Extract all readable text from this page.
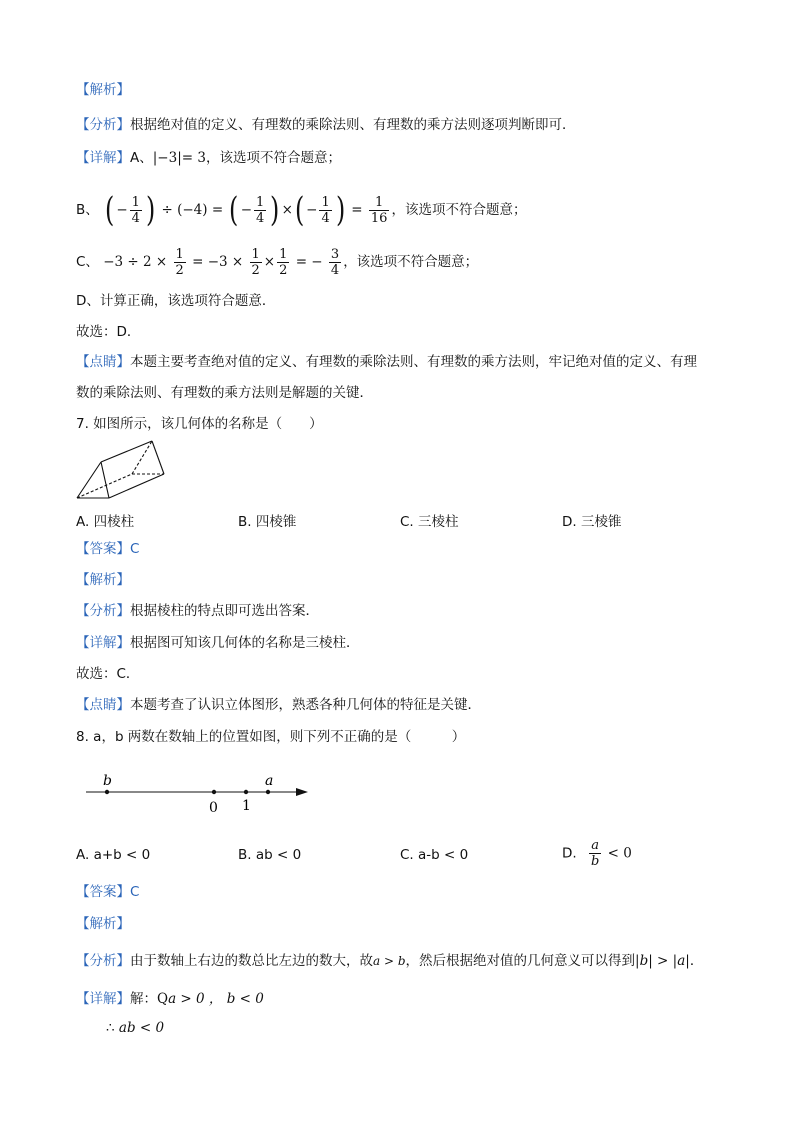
【解析】
【分析】根据绝对值的定义、有理数的乘除法则、有理数的乘方法则逐项判断即可．
【详解】A、|−3|= 3，该选项不符合题意；
B、 ( − $\frac{1}{4}$ ) ÷ (−4) = ( − $\frac{1}{4}$ ) ×( − $\frac{1}{4}$ ) = $\frac{1}{16}$ ，该选项不符合题意；
C、 $-3 \div 2 \times \frac{1}{2} = -3 \times \frac{1}{2} \times \frac{1}{2}$ = − $\frac{3}{4}$ ，该选项不符合题意；
D、计算正确，该选项符合题意．
故选：D．
【点睛】本题主要考查绝对值的定义、有理数的乘除法则、有理数的乘方法则，牢记绝对值的定义、有理
数的乘除法则、有理数的乘方法则是解题的关键．
7. 如图所示，该几何体的名称是（　　）
A. 四棱柱	B. 四棱锥	C. 三棱柱	D. 三棱锥
【答案】C
【解析】
【分析】根据棱柱的特点即可选出答案．
【详解】根据图可知该几何体的名称是三棱柱．
故选：C．
【点睛】本题考查了认识立体图形，熟悉各种几何体的特征是关键．
8. a，b 两数在数轴上的位置如图，则下列不正确的是（　　　）
b
0 1
a
A. a+b < 0	B. ab < 0	C. a-b < 0	D. $\frac{a}{b} < 0$
【答案】C
【解析】
【分析】由于数轴上右边的数总比左边的数大，故a > b，然后根据绝对值的几何意义可以得到|b| > |a|．
【详解】解：Qa > 0 ， b < 0
∴ ab < 0
